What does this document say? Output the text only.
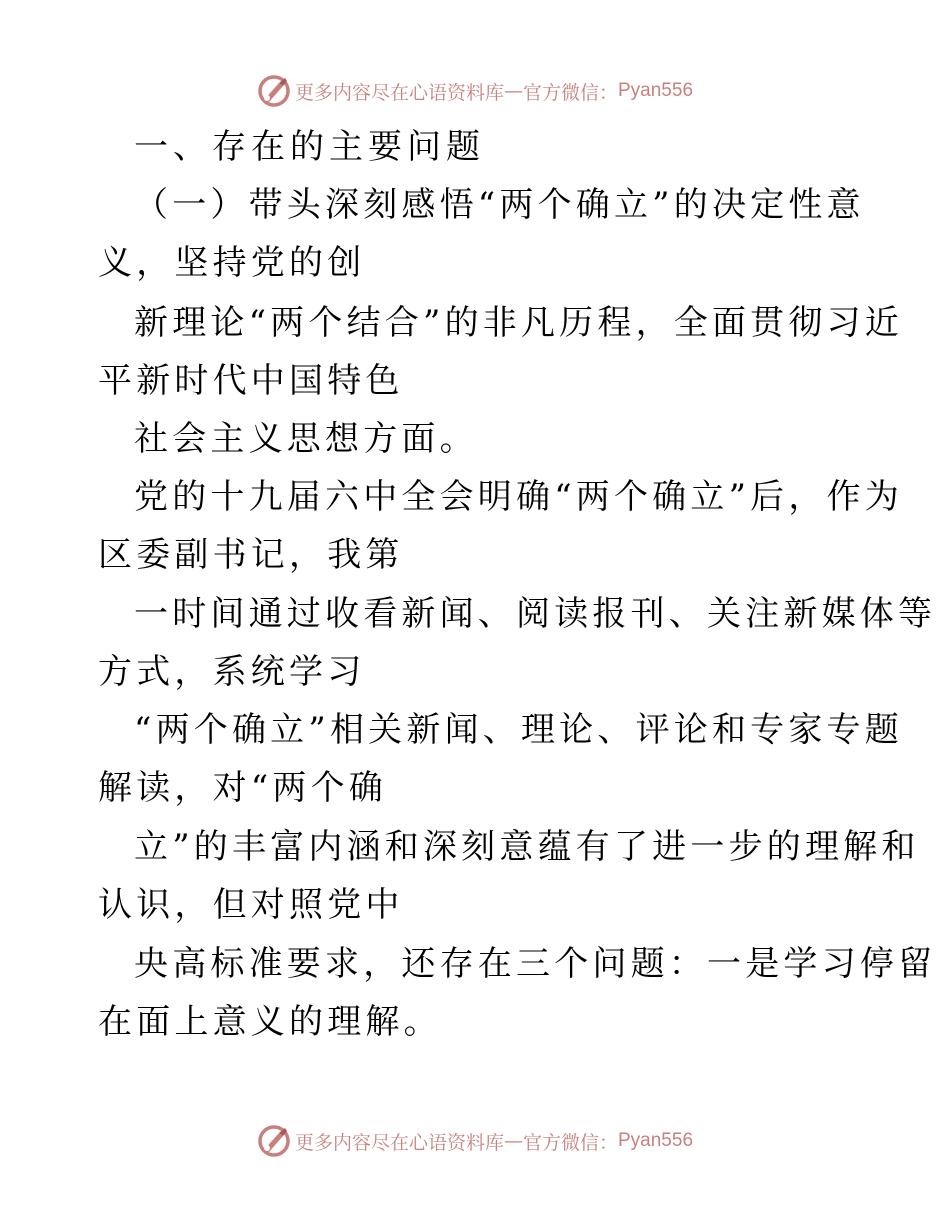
更多内容尽在心语资料库 — 官方微信： Pyan556
一、存在的主要问题
（一）带头深刻感悟“两个确立”的决定性意
义，坚持党的创
新理论“两个结合”的非凡历程，全面贯彻习近
平新时代中国特色
社会主义思想方面。
党的十九届六中全会明确“两个确立”后，作为
区委副书记，我第
一时间通过收看新闻、阅读报刊、关注新媒体等
方式，系统学习
“两个确立”相关新闻、理论、评论和专家专题
解读，对“两个确
立”的丰富内涵和深刻意蕴有了进一步的理解和
认识，但对照党中
央高标准要求，还存在三个问题：一是学习停留
在面上意义的理解。
更多内容尽在心语资料库 — 官方微信： Pyan556
